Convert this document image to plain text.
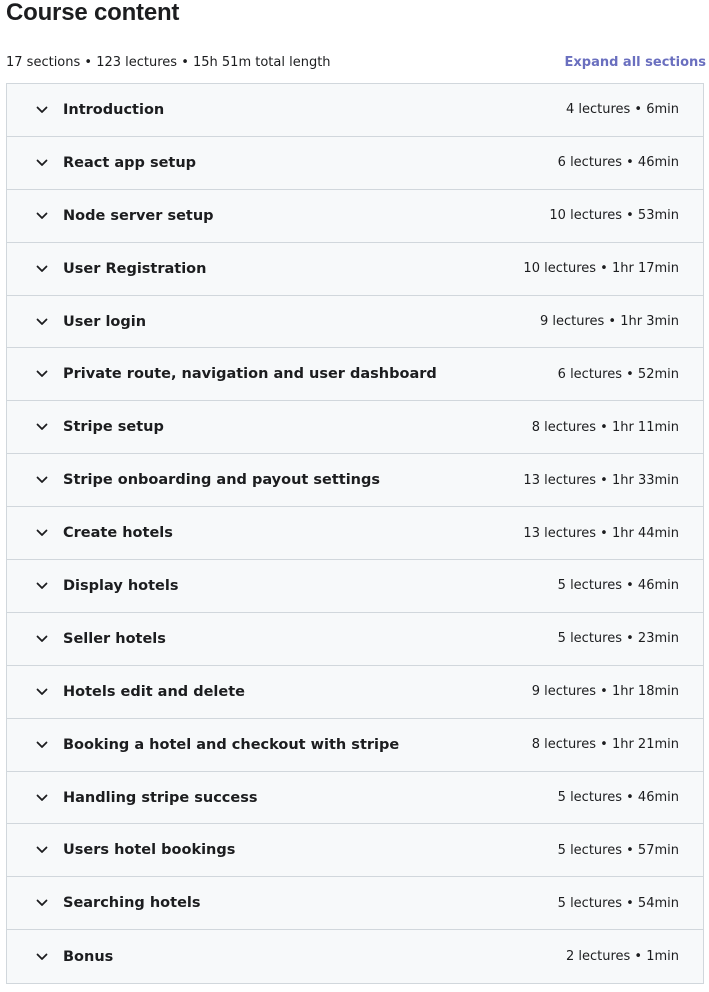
Course content
17 sections • 123 lectures • 15h 51m total length	Expand all sections
Introduction	4 lectures • 6min
React app setup	6 lectures • 46min
Node server setup	10 lectures • 53min
User Registration	10 lectures • 1hr 17min
User login	9 lectures • 1hr 3min
Private route, navigation and user dashboard	6 lectures • 52min
Stripe setup	8 lectures • 1hr 11min
Stripe onboarding and payout settings	13 lectures • 1hr 33min
Create hotels	13 lectures • 1hr 44min
Display hotels	5 lectures • 46min
Seller hotels	5 lectures • 23min
Hotels edit and delete	9 lectures • 1hr 18min
Booking a hotel and checkout with stripe	8 lectures • 1hr 21min
Handling stripe success	5 lectures • 46min
Users hotel bookings	5 lectures • 57min
Searching hotels	5 lectures • 54min
Bonus	2 lectures • 1min
